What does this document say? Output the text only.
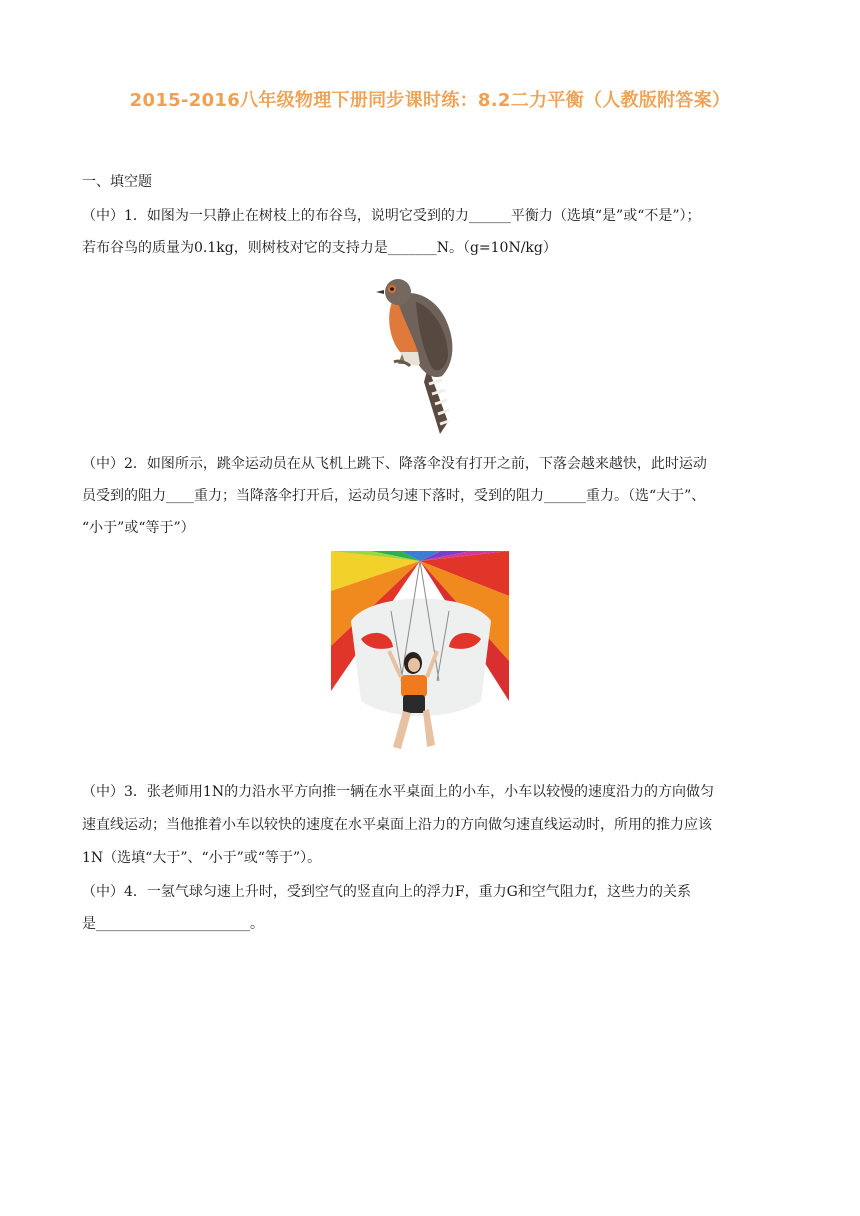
2015-2016八年级物理下册同步课时练：8.2二力平衡（人教版附答案）
一、填空题
（中）1．如图为一只静止在树枝上的布谷鸟，说明它受到的力______平衡力（选填“是”或“不是”）；
若布谷鸟的质量为0.1kg，则树枝对它的支持力是_______N。（g=10N/kg）
（中）2．如图所示，跳伞运动员在从飞机上跳下、降落伞没有打开之前，下落会越来越快，此时运动
员受到的阻力____重力；当降落伞打开后，运动员匀速下落时，受到的阻力______重力。（选“大于”、
“小于”或“等于”）
（中）3．张老师用1N的力沿水平方向推一辆在水平桌面上的小车，小车以较慢的速度沿力的方向做匀
速直线运动；当他推着小车以较快的速度在水平桌面上沿力的方向做匀速直线运动时，所用的推力应该
1N（选填“大于”、“小于”或“等于”）。
（中）4．一氢气球匀速上升时，受到空气的竖直向上的浮力F，重力G和空气阻力f，这些力的关系
是______________________。
